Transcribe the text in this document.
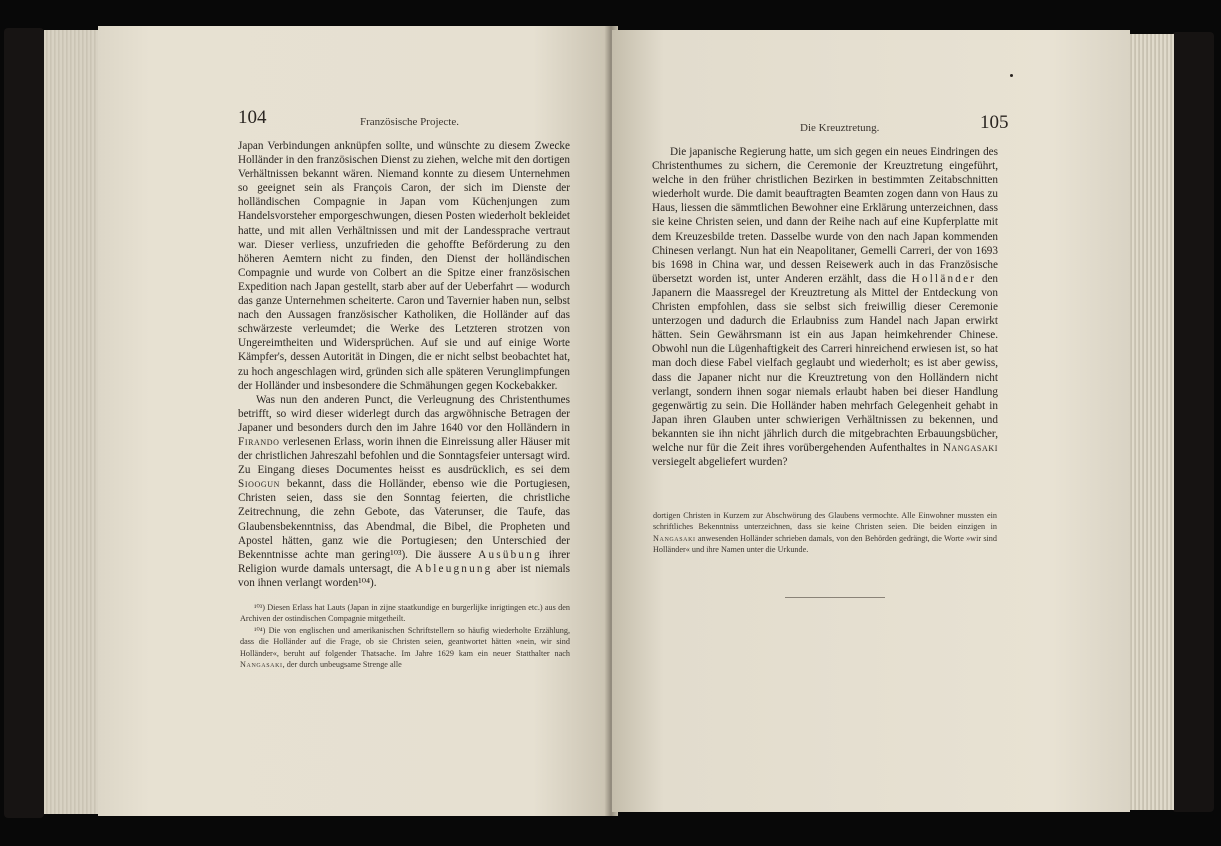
104	Französische Projecte.

Japan Verbindungen anknüpfen sollte, und wünschte zu diesem Zwecke Holländer in den französischen Dienst zu ziehen, welche mit den dortigen Verhältnissen bekannt wären. Niemand konnte zu diesem Unternehmen so geeignet sein als François Caron, der sich im Dienste der holländischen Compagnie in Japan vom Küchenjungen zum Handelsvorsteher emporgeschwungen, diesen Posten wiederholt bekleidet hatte, und mit allen Verhältnissen und mit der Landessprache vertraut war. Dieser verliess, unzufrieden die gehoffte Beförderung zu den höheren Aemtern nicht zu finden, den Dienst der holländischen Compagnie und wurde von Colbert an die Spitze einer französischen Expedition nach Japan gestellt, starb aber auf der Ueberfahrt — wodurch das ganze Unternehmen scheiterte. Caron und Tavernier haben nun, selbst nach den Aussagen französischer Katholiken, die Holländer auf das schwärzeste verleumdet; die Werke des Letzteren strotzen von Ungereimtheiten und Widersprüchen. Auf sie und auf einige Worte Kämpfer's, dessen Autorität in Dingen, die er nicht selbst beobachtet hat, zu hoch angeschlagen wird, gründen sich alle späteren Verunglimpfungen der Holländer und insbesondere die Schmähungen gegen Kockebakker.

Was nun den anderen Punct, die Verleugnung des Christenthumes betrifft, so wird dieser widerlegt durch das argwöhnische Betragen der Japaner und besonders durch den im Jahre 1640 vor den Holländern in Firando verlesenen Erlass, worin ihnen die Einreissung aller Häuser mit der christlichen Jahreszahl befohlen und die Sonntagsfeier untersagt wird. Zu Eingang dieses Documentes heisst es ausdrücklich, es sei dem Sioogun bekannt, dass die Holländer, ebenso wie die Portugiesen, Christen seien, dass sie den Sonntag feierten, die christliche Zeitrechnung, die zehn Gebote, das Vaterunser, die Taufe, das Glaubensbekenntniss, das Abendmal, die Bibel, die Propheten und Apostel hätten, ganz wie die Portugiesen; den Unterschied der Bekenntnisse achte man gering¹⁰³). Die äussere Ausübung ihrer Religion wurde damals untersagt, die Ableugnung aber ist niemals von ihnen verlangt worden¹⁰⁴).

¹⁰³) Diesen Erlass hat Lauts (Japan in zijne staatkundige en burgerlijke inrigtingen etc.) aus den Archiven der ostindischen Compagnie mitgetheilt.

¹⁰⁴) Die von englischen und amerikanischen Schriftstellern so häufig wiederholte Erzählung, dass die Holländer auf die Frage, ob sie Christen seien, geantwortet hätten »nein, wir sind Holländer«, beruht auf folgender Thatsache. Im Jahre 1629 kam ein neuer Statthalter nach Nangasaki, der durch unbeugsame Strenge alle

Die Kreuztretung.	105

Die japanische Regierung hatte, um sich gegen ein neues Eindringen des Christenthumes zu sichern, die Ceremonie der Kreuztretung eingeführt, welche in den früher christlichen Bezirken in bestimmten Zeitabschnitten wiederholt wurde. Die damit beauftragten Beamten zogen dann von Haus zu Haus, liessen die sämmtlichen Bewohner eine Erklärung unterzeichnen, dass sie keine Christen seien, und dann der Reihe nach auf eine Kupferplatte mit dem Kreuzesbilde treten. Dasselbe wurde von den nach Japan kommenden Chinesen verlangt. Nun hat ein Neapolitaner, Gemelli Carreri, der von 1693 bis 1698 in China war, und dessen Reisewerk auch in das Französische übersetzt worden ist, unter Anderen erzählt, dass die Holländer den Japanern die Maassregel der Kreuztretung als Mittel der Entdeckung von Christen empfohlen, dass sie selbst sich freiwillig dieser Ceremonie unterzogen und dadurch die Erlaubniss zum Handel nach Japan erwirkt hätten. Sein Gewährsmann ist ein aus Japan heimkehrender Chinese. Obwohl nun die Lügenhaftigkeit des Carreri hinreichend erwiesen ist, so hat man doch diese Fabel vielfach geglaubt und wiederholt; es ist aber gewiss, dass die Japaner nicht nur die Kreuztretung von den Holländern nicht verlangt, sondern ihnen sogar niemals erlaubt haben bei dieser Handlung gegenwärtig zu sein. Die Holländer haben mehrfach Gelegenheit gehabt in Japan ihren Glauben unter schwierigen Verhältnissen zu bekennen, und bekannten sie ihn nicht jährlich durch die mitgebrachten Erbauungsbücher, welche nur für die Zeit ihres vorübergehenden Aufenthaltes in Nangasaki versiegelt abgeliefert wurden?

dortigen Christen in Kurzem zur Abschwörung des Glaubens vermochte. Alle Einwohner mussten ein schriftliches Bekenntniss unterzeichnen, dass sie keine Christen seien. Die beiden einzigen in Nangasaki anwesenden Holländer schrieben damals, von den Behörden gedrängt, die Worte »wir sind Holländer« und ihre Namen unter die Urkunde.
